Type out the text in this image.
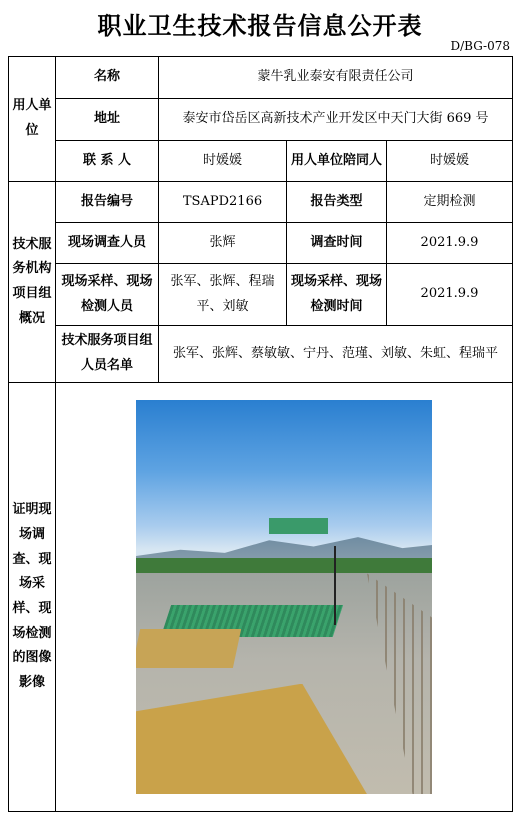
职业卫生技术报告信息公开表
D/BG-078
用人单位	名称	蒙牛乳业泰安有限责任公司		
	地址	泰安市岱岳区高新技术产业开发区中天门大街 669 号		
	联 系 人	时媛媛	用人单位陪同人	时媛媛
技术服务机构项目组概况	报告编号	TSAPD2166	报告类型	定期检测
	现场调查人员	张辉	调查时间	2021.9.9
	现场采样、现场检测人员	张军、张辉、程瑞平、刘敏	现场采样、现场检测时间	2021.9.9
	技术服务项目组人员名单	张军、张辉、蔡敏敏、宁丹、范瑾、刘敏、朱虹、程瑞平		
证明现场调查、现场采样、现场检测的图像影像				
